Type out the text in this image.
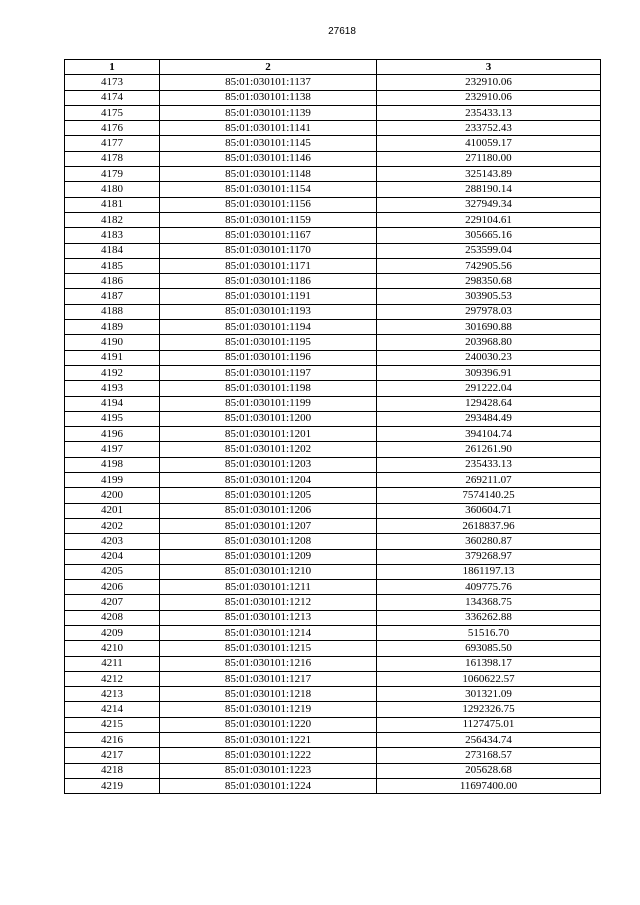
27618
1	2	3
4173	85:01:030101:1137	232910.06
4174	85:01:030101:1138	232910.06
4175	85:01:030101:1139	235433.13
4176	85:01:030101:1141	233752.43
4177	85:01:030101:1145	410059.17
4178	85:01:030101:1146	271180.00
4179	85:01:030101:1148	325143.89
4180	85:01:030101:1154	288190.14
4181	85:01:030101:1156	327949.34
4182	85:01:030101:1159	229104.61
4183	85:01:030101:1167	305665.16
4184	85:01:030101:1170	253599.04
4185	85:01:030101:1171	742905.56
4186	85:01:030101:1186	298350.68
4187	85:01:030101:1191	303905.53
4188	85:01:030101:1193	297978.03
4189	85:01:030101:1194	301690.88
4190	85:01:030101:1195	203968.80
4191	85:01:030101:1196	240030.23
4192	85:01:030101:1197	309396.91
4193	85:01:030101:1198	291222.04
4194	85:01:030101:1199	129428.64
4195	85:01:030101:1200	293484.49
4196	85:01:030101:1201	394104.74
4197	85:01:030101:1202	261261.90
4198	85:01:030101:1203	235433.13
4199	85:01:030101:1204	269211.07
4200	85:01:030101:1205	7574140.25
4201	85:01:030101:1206	360604.71
4202	85:01:030101:1207	2618837.96
4203	85:01:030101:1208	360280.87
4204	85:01:030101:1209	379268.97
4205	85:01:030101:1210	1861197.13
4206	85:01:030101:1211	409775.76
4207	85:01:030101:1212	134368.75
4208	85:01:030101:1213	336262.88
4209	85:01:030101:1214	51516.70
4210	85:01:030101:1215	693085.50
4211	85:01:030101:1216	161398.17
4212	85:01:030101:1217	1060622.57
4213	85:01:030101:1218	301321.09
4214	85:01:030101:1219	1292326.75
4215	85:01:030101:1220	1127475.01
4216	85:01:030101:1221	256434.74
4217	85:01:030101:1222	273168.57
4218	85:01:030101:1223	205628.68
4219	85:01:030101:1224	11697400.00
